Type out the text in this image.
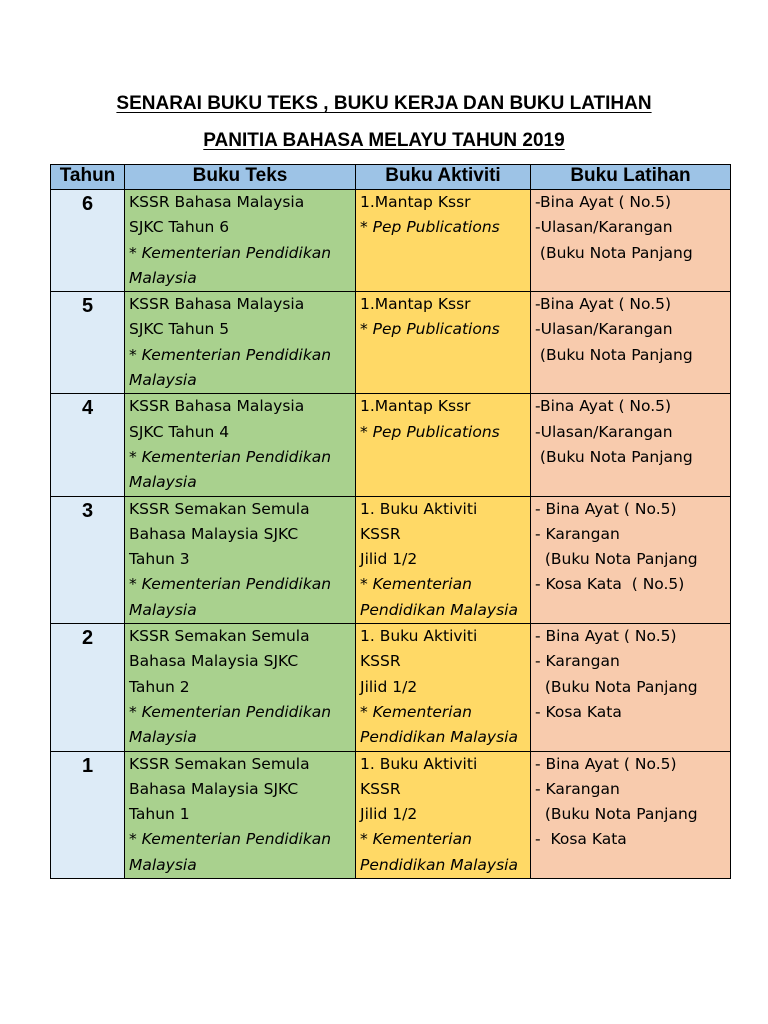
SENARAI BUKU TEKS , BUKU KERJA DAN BUKU LATIHAN
PANITIA BAHASA MELAYU TAHUN 2019
Tahun	Buku Teks	Buku Aktiviti	Buku Latihan
6	KSSR Bahasa Malaysia
SJKC Tahun 6
* Kementerian Pendidikan
Malaysia	1.Mantap Kssr
* Pep Publications	-Bina Ayat ( No.5)
-Ulasan/Karangan
(Buku Nota Panjang

5	KSSR Bahasa Malaysia
SJKC Tahun 5
* Kementerian Pendidikan
Malaysia	1.Mantap Kssr
* Pep Publications	-Bina Ayat ( No.5)
-Ulasan/Karangan
(Buku Nota Panjang

4	KSSR Bahasa Malaysia
SJKC Tahun 4
* Kementerian Pendidikan
Malaysia	1.Mantap Kssr
* Pep Publications	-Bina Ayat ( No.5)
-Ulasan/Karangan
(Buku Nota Panjang

3	KSSR Semakan Semula
Bahasa Malaysia SJKC
Tahun 3
* Kementerian Pendidikan
Malaysia	1. Buku Aktiviti
KSSR
Jilid 1/2
* Kementerian
Pendidikan Malaysia	- Bina Ayat ( No.5)
- Karangan
(Buku Nota Panjang
- Kosa Kata  ( No.5)

2	KSSR Semakan Semula
Bahasa Malaysia SJKC
Tahun 2
* Kementerian Pendidikan
Malaysia	1. Buku Aktiviti
KSSR
Jilid 1/2
* Kementerian
Pendidikan Malaysia	- Bina Ayat ( No.5)
- Karangan
(Buku Nota Panjang
- Kosa Kata

1	KSSR Semakan Semula
Bahasa Malaysia SJKC
Tahun 1
* Kementerian Pendidikan
Malaysia	1. Buku Aktiviti
KSSR
Jilid 1/2
* Kementerian
Pendidikan Malaysia	- Bina Ayat ( No.5)
- Karangan
(Buku Nota Panjang
-  Kosa Kata
